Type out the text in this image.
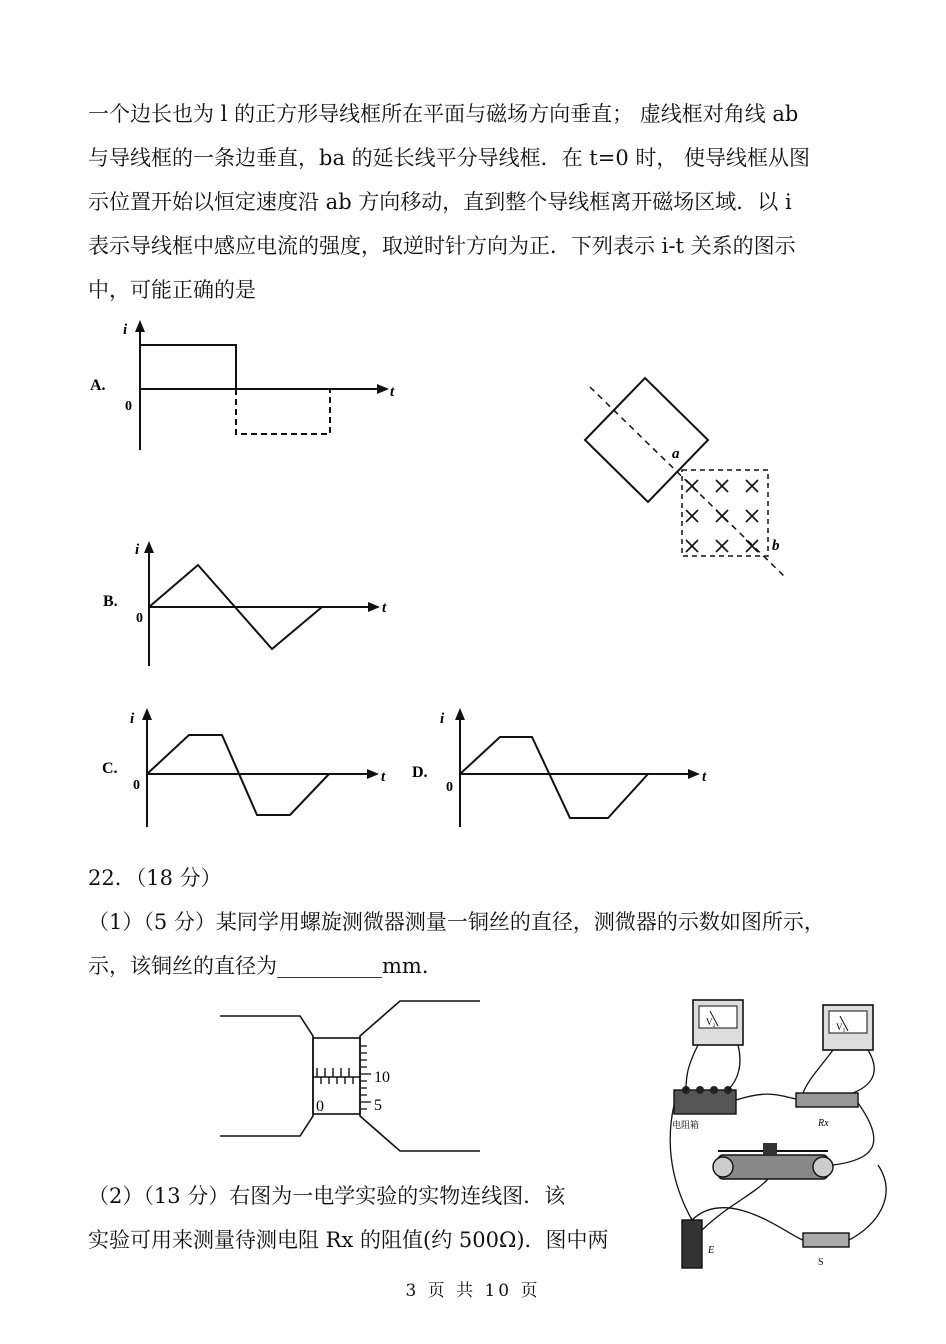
一个边长也为 l 的正方形导线框所在平面与磁场方向垂直； 虚线框对角线 ab
与导线框的一条边垂直，ba 的延长线平分导线框．在 t=0 时， 使导线框从图
示位置开始以恒定速度沿 ab 方向移动，直到整个导线框离开磁场区域．以 i
表示导线框中感应电流的强度，取逆时针方向为正．下列表示 i-t 关系的图示
中，可能正确的是
A.
i
t
0
a
b
B.
i
t
0
C.
i
t
0
D.
i
t
0
22．（18 分）
（1）（5 分）某同学用螺旋测微器测量一铜丝的直径，测微器的示数如图所示，
示，该铜丝的直径为__________mm．
10
5
0
（2）（13 分）右图为一电学实验的实物连线图．该
实验可用来测量待测电阻 Rx 的阻值(约 500Ω)．图中两
V₂	V₁
电阻箱	Rx
E
S
3 页 共 10 页
